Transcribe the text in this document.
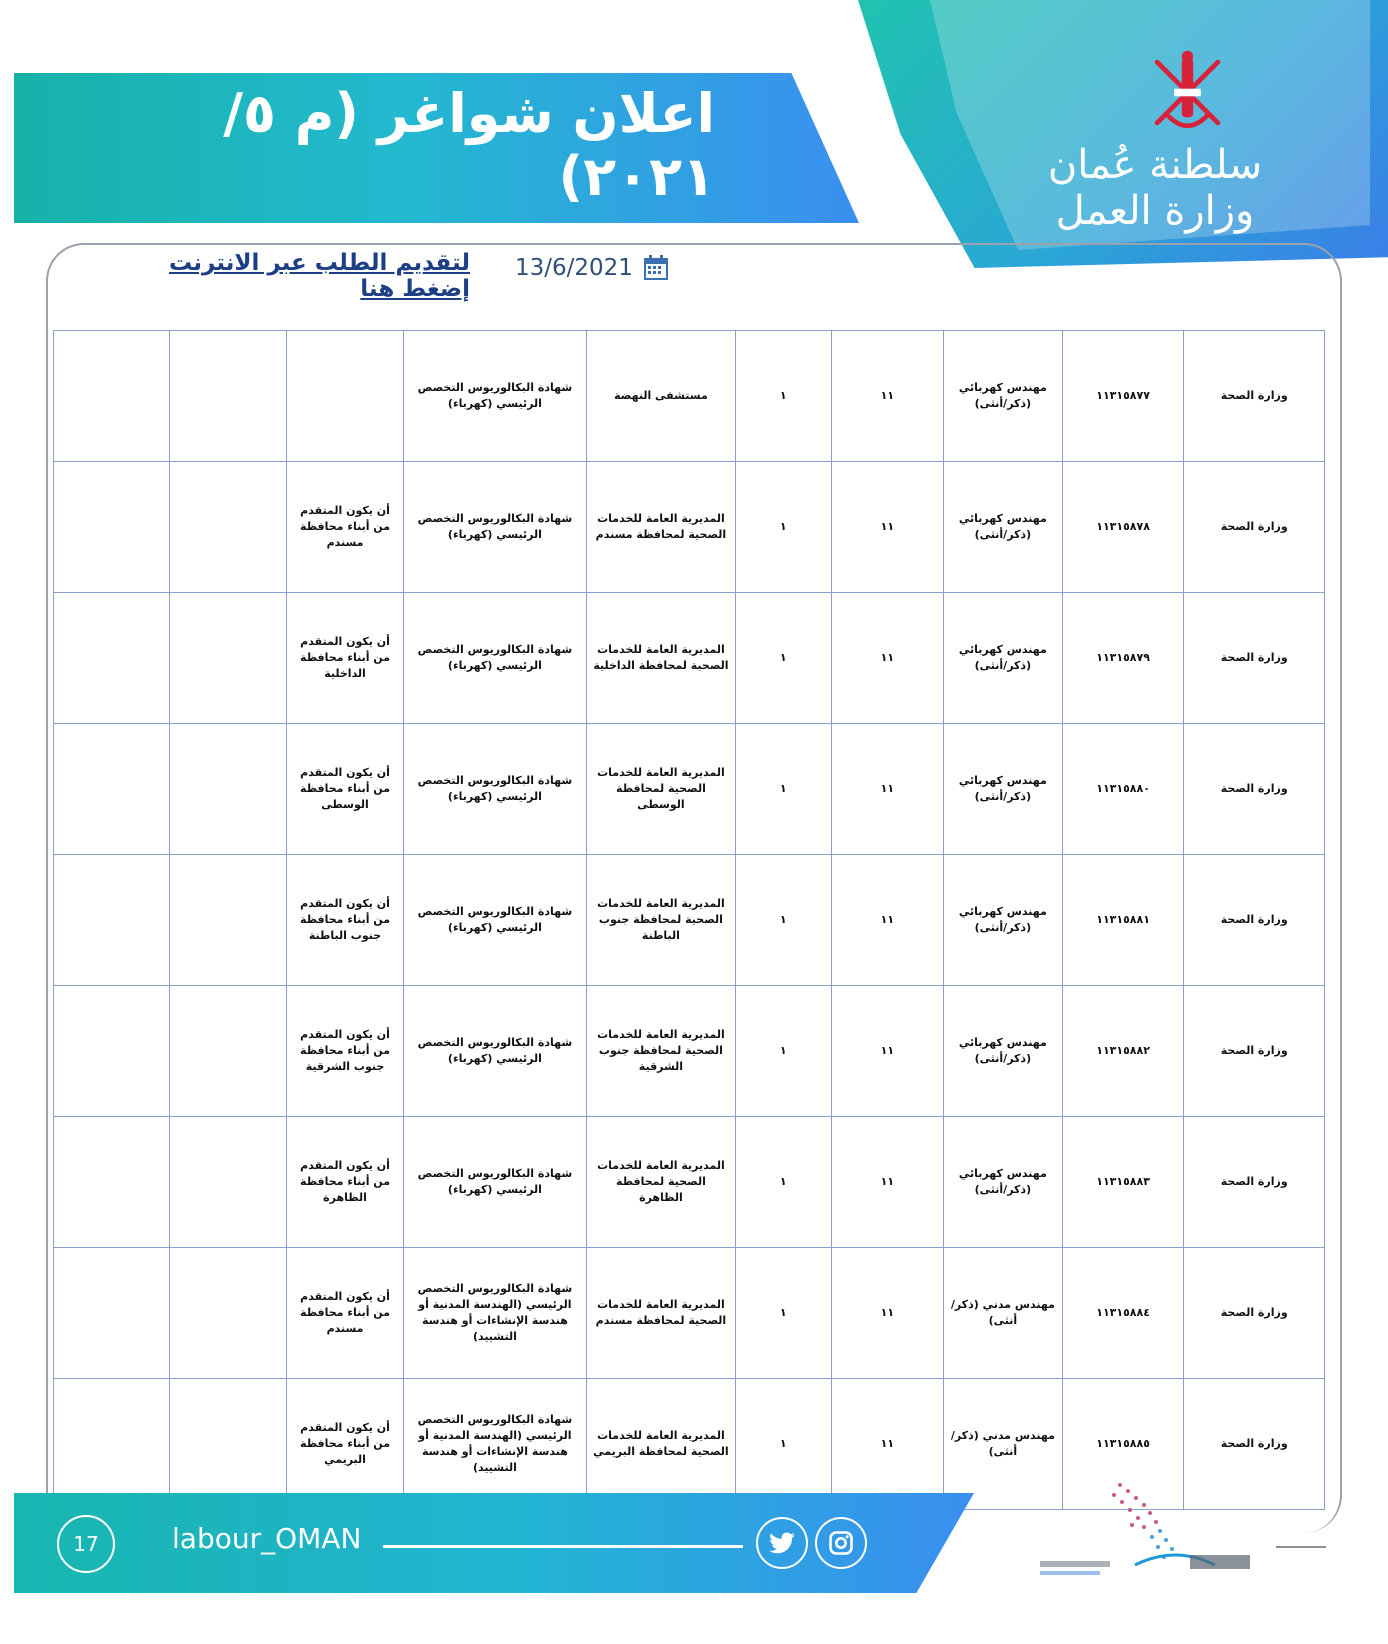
سلطنة عُمان
وزارة العمل
اعلان شواغر (م ٥/ ٢٠٢١)
13/6/2021
لتقديم الطلب عبر الانترنت إضغط هنا
وزارة الصحة	١١٣١٥٨٧٧	مهندس كهربائي (ذكر/أنثى)	١١	١	مستشفى النهضة	شهادة البكالوريوس التخصص الرئيسي (كهرباء)			
وزارة الصحة	١١٣١٥٨٧٨	مهندس كهربائي (ذكر/أنثى)	١١	١	المديرية العامة للخدمات الصحية لمحافظة مسندم	شهادة البكالوريوس التخصص الرئيسي (كهرباء)	أن يكون المتقدم من أبناء محافظة مسندم		
وزارة الصحة	١١٣١٥٨٧٩	مهندس كهربائي (ذكر/أنثى)	١١	١	المديرية العامة للخدمات الصحية لمحافظة الداخلية	شهادة البكالوريوس التخصص الرئيسي (كهرباء)	أن يكون المتقدم من أبناء محافظة الداخلية		
وزارة الصحة	١١٣١٥٨٨٠	مهندس كهربائي (ذكر/أنثى)	١١	١	المديرية العامة للخدمات الصحية لمحافظة الوسطى	شهادة البكالوريوس التخصص الرئيسي (كهرباء)	أن يكون المتقدم من أبناء محافظة الوسطى		
وزارة الصحة	١١٣١٥٨٨١	مهندس كهربائي (ذكر/أنثى)	١١	١	المديرية العامة للخدمات الصحية لمحافظة جنوب الباطنة	شهادة البكالوريوس التخصص الرئيسي (كهرباء)	أن يكون المتقدم من أبناء محافظة جنوب الباطنة		
وزارة الصحة	١١٣١٥٨٨٢	مهندس كهربائي (ذكر/أنثى)	١١	١	المديرية العامة للخدمات الصحية لمحافظة جنوب الشرقية	شهادة البكالوريوس التخصص الرئيسي (كهرباء)	أن يكون المتقدم من أبناء محافظة جنوب الشرقية		
وزارة الصحة	١١٣١٥٨٨٣	مهندس كهربائي (ذكر/أنثى)	١١	١	المديرية العامة للخدمات الصحية لمحافظة الظاهرة	شهادة البكالوريوس التخصص الرئيسي (كهرباء)	أن يكون المتقدم من أبناء محافظة الظاهرة		
وزارة الصحة	١١٣١٥٨٨٤	مهندس مدني (ذكر/أنثى)	١١	١	المديرية العامة للخدمات الصحية لمحافظة مسندم	شهادة البكالوريوس التخصص الرئيسي (الهندسة المدنية أو هندسة الإنشاءات أو هندسة التشييد)	أن يكون المتقدم من أبناء محافظة مسندم		
وزارة الصحة	١١٣١٥٨٨٥	مهندس مدني (ذكر/أنثى)	١١	١	المديرية العامة للخدمات الصحية لمحافظة البريمي	شهادة البكالوريوس التخصص الرئيسي (الهندسة المدنية أو هندسة الإنشاءات أو هندسة التشييد)	أن يكون المتقدم من أبناء محافظة البريمي		
17	labour_OMAN
